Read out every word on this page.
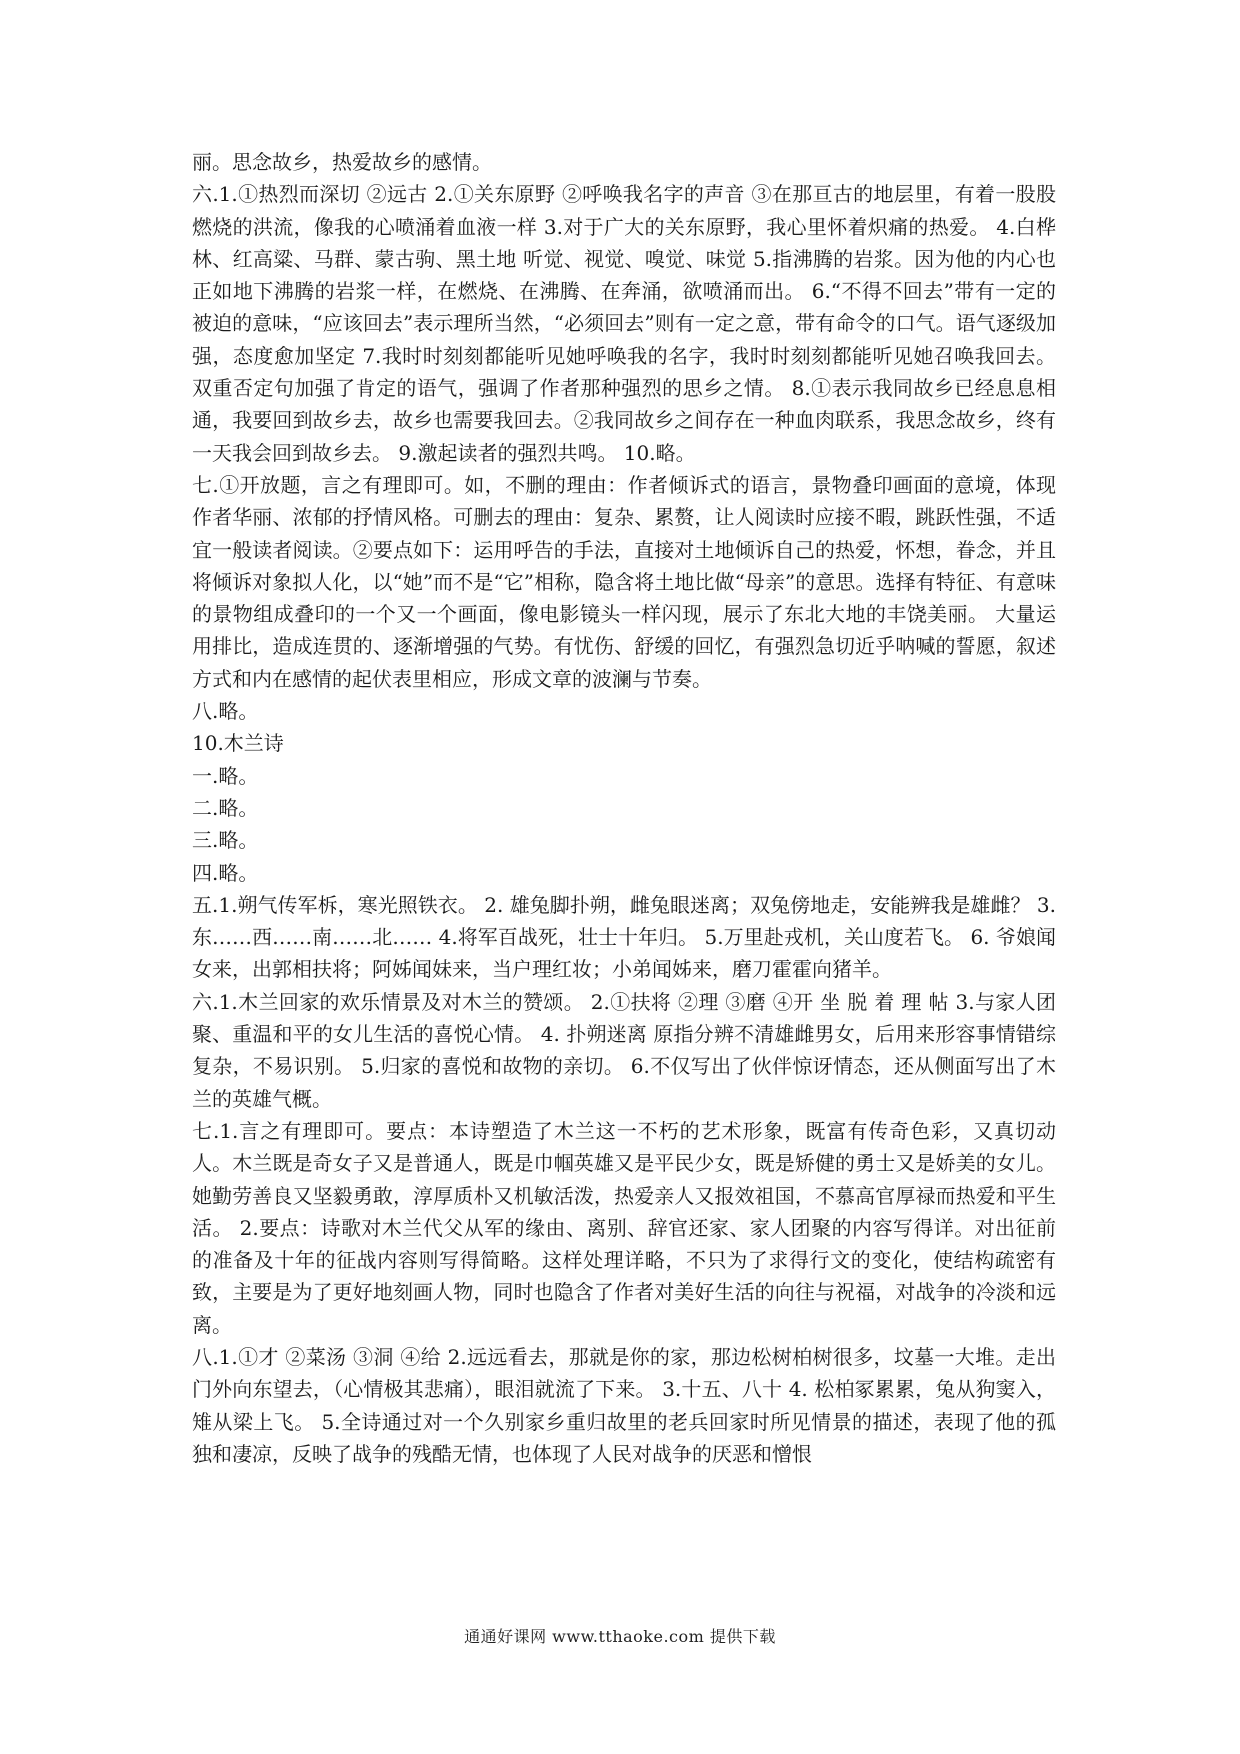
丽。思念故乡，热爱故乡的感情。

六.1.①热烈而深切 ②远古 2.①关东原野 ②呼唤我名字的声音 ③在那亘古的地层里，有着一股股燃烧的洪流，像我的心喷涌着血液一样 3.对于广大的关东原野，我心里怀着炽痛的热爱。 4.白桦林、红高粱、马群、蒙古驹、黑土地 听觉、视觉、嗅觉、味觉 5.指沸腾的岩浆。因为他的内心也正如地下沸腾的岩浆一样，在燃烧、在沸腾、在奔涌，欲喷涌而出。 6.“不得不回去”带有一定的被迫的意味，“应该回去”表示理所当然，“必须回去”则有一定之意，带有命令的口气。语气逐级加强，态度愈加坚定 7.我时时刻刻都能听见她呼唤我的名字，我时时刻刻都能听见她召唤我回去。双重否定句加强了肯定的语气，强调了作者那种强烈的思乡之情。 8.①表示我同故乡已经息息相通，我要回到故乡去，故乡也需要我回去。②我同故乡之间存在一种血肉联系，我思念故乡，终有一天我会回到故乡去。 9.激起读者的强烈共鸣。 10.略。

七.①开放题，言之有理即可。如，不删的理由：作者倾诉式的语言，景物叠印画面的意境，体现作者华丽、浓郁的抒情风格。可删去的理由：复杂、累赘，让人阅读时应接不暇，跳跃性强，不适宜一般读者阅读。②要点如下：运用呼告的手法，直接对土地倾诉自己的热爱，怀想，眷念，并且将倾诉对象拟人化，以“她”而不是“它”相称，隐含将土地比做“母亲”的意思。选择有特征、有意味的景物组成叠印的一个又一个画面，像电影镜头一样闪现，展示了东北大地的丰饶美丽。 大量运用排比，造成连贯的、逐渐增强的气势。有忧伤、舒缓的回忆，有强烈急切近乎呐喊的誓愿，叙述方式和内在感情的起伏表里相应，形成文章的波澜与节奏。

八.略。

10.木兰诗

一.略。

二.略。

三.略。

四.略。

五.1.朔气传军柝，寒光照铁衣。 2. 雄兔脚扑朔，雌兔眼迷离；双兔傍地走，安能辨我是雄雌？ 3.东……西……南……北…… 4.将军百战死，壮士十年归。 5.万里赴戎机，关山度若飞。 6. 爷娘闻女来，出郭相扶将；阿姊闻妹来，当户理红妆；小弟闻姊来，磨刀霍霍向猪羊。

六.1.木兰回家的欢乐情景及对木兰的赞颂。 2.①扶将 ②理 ③磨 ④开 坐 脱 着 理 帖 3.与家人团聚、重温和平的女儿生活的喜悦心情。 4. 扑朔迷离 原指分辨不清雄雌男女，后用来形容事情错综复杂，不易识别。 5.归家的喜悦和故物的亲切。 6.不仅写出了伙伴惊讶情态，还从侧面写出了木兰的英雄气概。

七.1.言之有理即可。要点：本诗塑造了木兰这一不朽的艺术形象，既富有传奇色彩，又真切动人。木兰既是奇女子又是普通人，既是巾帼英雄又是平民少女，既是矫健的勇士又是娇美的女儿。她勤劳善良又坚毅勇敢，淳厚质朴又机敏活泼，热爱亲人又报效祖国，不慕高官厚禄而热爱和平生活。 2.要点：诗歌对木兰代父从军的缘由、离别、辞官还家、家人团聚的内容写得详。对出征前的准备及十年的征战内容则写得简略。这样处理详略，不只为了求得行文的变化，使结构疏密有致，主要是为了更好地刻画人物，同时也隐含了作者对美好生活的向往与祝福，对战争的冷淡和远离。

八.1.①才 ②菜汤 ③洞 ④给 2.远远看去，那就是你的家，那边松树柏树很多，坟墓一大堆。走出门外向东望去，（心情极其悲痛），眼泪就流了下来。 3.十五、八十 4. 松柏冢累累，兔从狗窦入，雉从梁上飞。 5.全诗通过对一个久别家乡重归故里的老兵回家时所见情景的描述，表现了他的孤独和凄凉，反映了战争的残酷无情，也体现了人民对战争的厌恶和憎恨

通通好课网 www.tthaoke.com 提供下载
